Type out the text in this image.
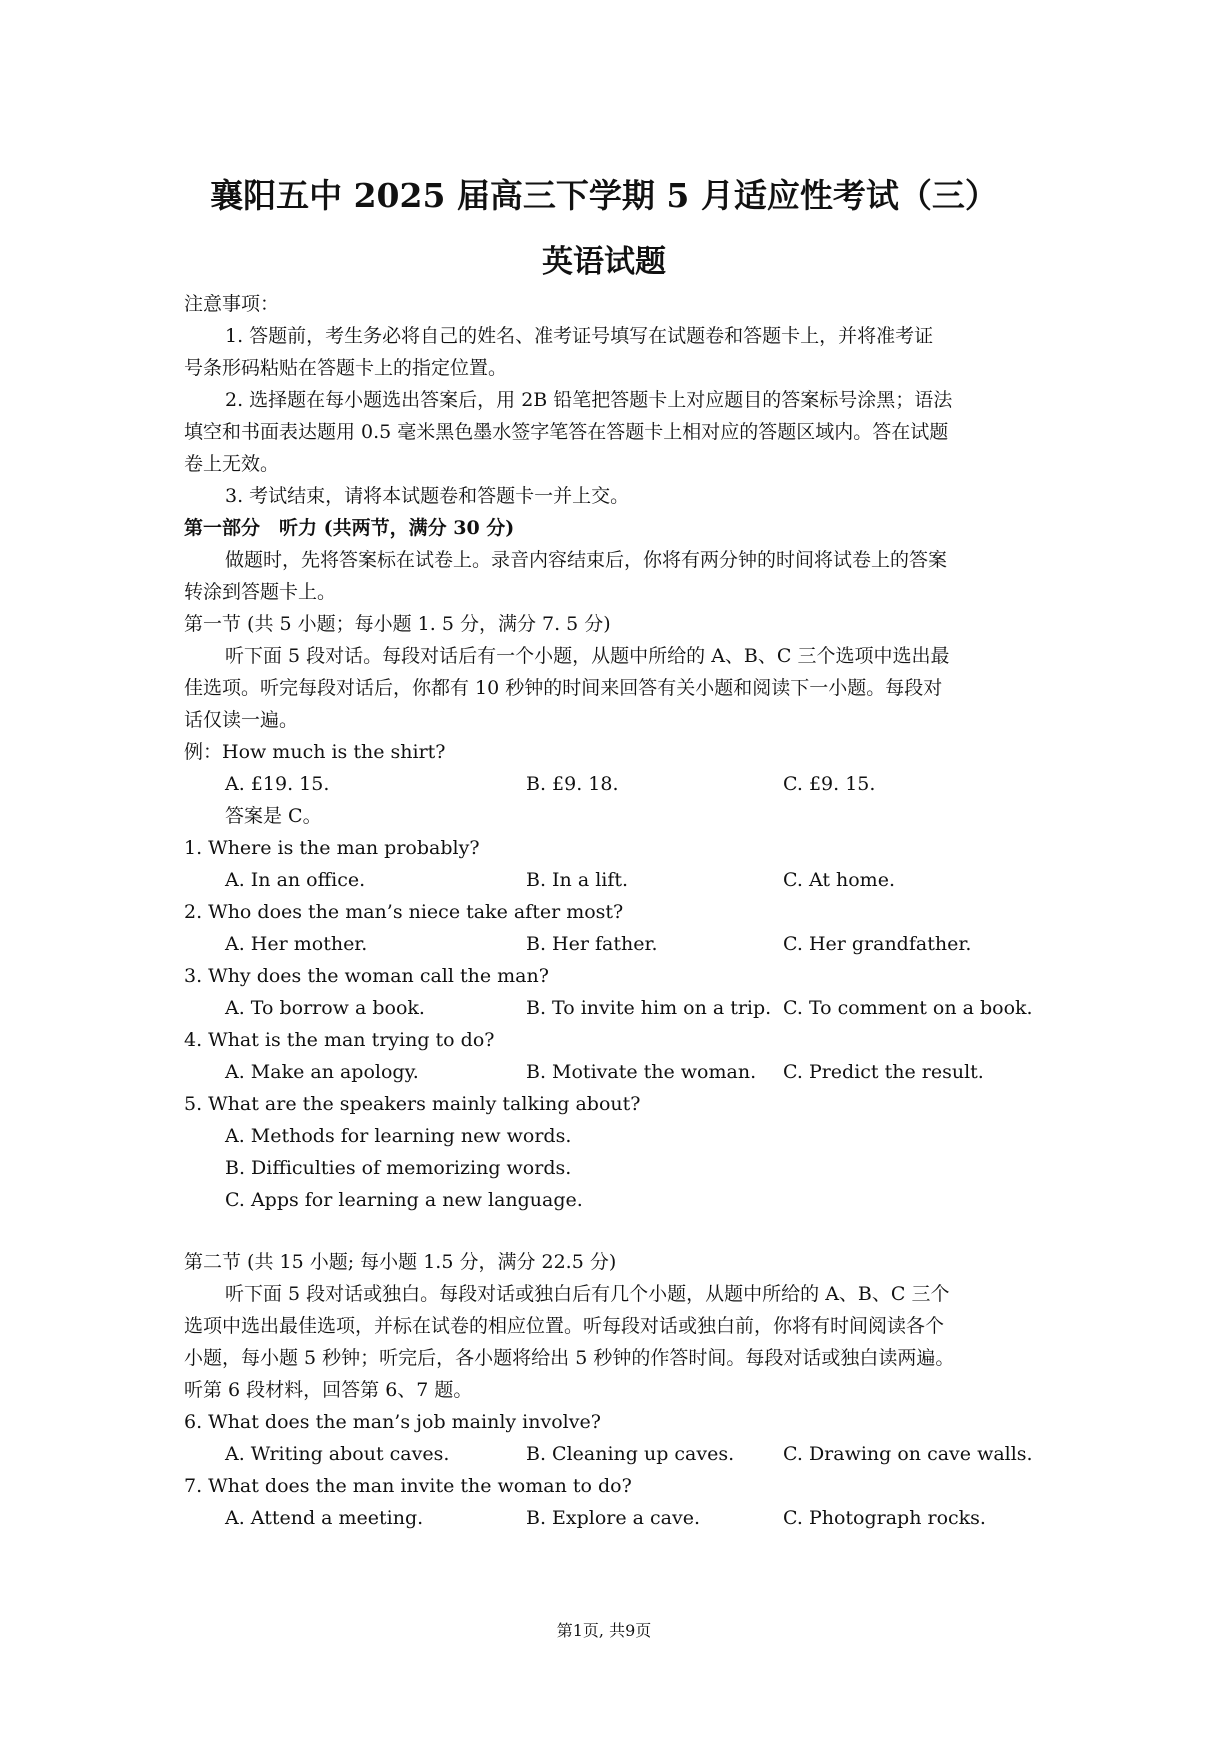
襄阳五中 2025 届高三下学期 5 月适应性考试（三）
英语试题
注意事项：
1. 答题前，考生务必将自己的姓名、准考证号填写在试题卷和答题卡上，并将准考证
号条形码粘贴在答题卡上的指定位置。
2. 选择题在每小题选出答案后，用 2B 铅笔把答题卡上对应题目的答案标号涂黑；语法
填空和书面表达题用 0.5 毫米黑色墨水签字笔答在答题卡上相对应的答题区域内。答在试题
卷上无效。
3. 考试结束，请将本试题卷和答题卡一并上交。
第一部分　听力 (共两节，满分 30 分)
做题时，先将答案标在试卷上。录音内容结束后，你将有两分钟的时间将试卷上的答案
转涂到答题卡上。
第一节 (共 5 小题；每小题 1. 5 分，满分 7. 5 分)
听下面 5 段对话。每段对话后有一个小题，从题中所给的 A、B、C 三个选项中选出最
佳选项。听完每段对话后，你都有 10 秒钟的时间来回答有关小题和阅读下一小题。每段对
话仅读一遍。
例：How much is the shirt?
A. £19. 15.	B. £9. 18.	C. £9. 15.
答案是 C。
1. Where is the man probably?
A. In an office.	B. In a lift.	C. At home.
2. Who does the man’s niece take after most?
A. Her mother.	B. Her father.	C. Her grandfather.
3. Why does the woman call the man?
A. To borrow a book.	B. To invite him on a trip. C. To comment on a book.
4. What is the man trying to do?
A. Make an apology.	B. Motivate the woman. C. Predict the result.
5. What are the speakers mainly talking about?
A. Methods for learning new words.
B. Difficulties of memorizing words.
C. Apps for learning a new language.
第二节 (共 15 小题; 每小题 1.5 分，满分 22.5 分)
听下面 5 段对话或独白。每段对话或独白后有几个小题，从题中所给的 A、B、C 三个
选项中选出最佳选项，并标在试卷的相应位置。听每段对话或独白前，你将有时间阅读各个
小题，每小题 5 秒钟；听完后，各小题将给出 5 秒钟的作答时间。每段对话或独白读两遍。
听第 6 段材料，回答第 6、7 题。
6. What does the man’s job mainly involve?
A. Writing about caves.	B. Cleaning up caves.	C. Drawing on cave walls.
7. What does the man invite the woman to do?
A. Attend a meeting.	B. Explore a cave.	C. Photograph rocks.
第1页, 共9页
